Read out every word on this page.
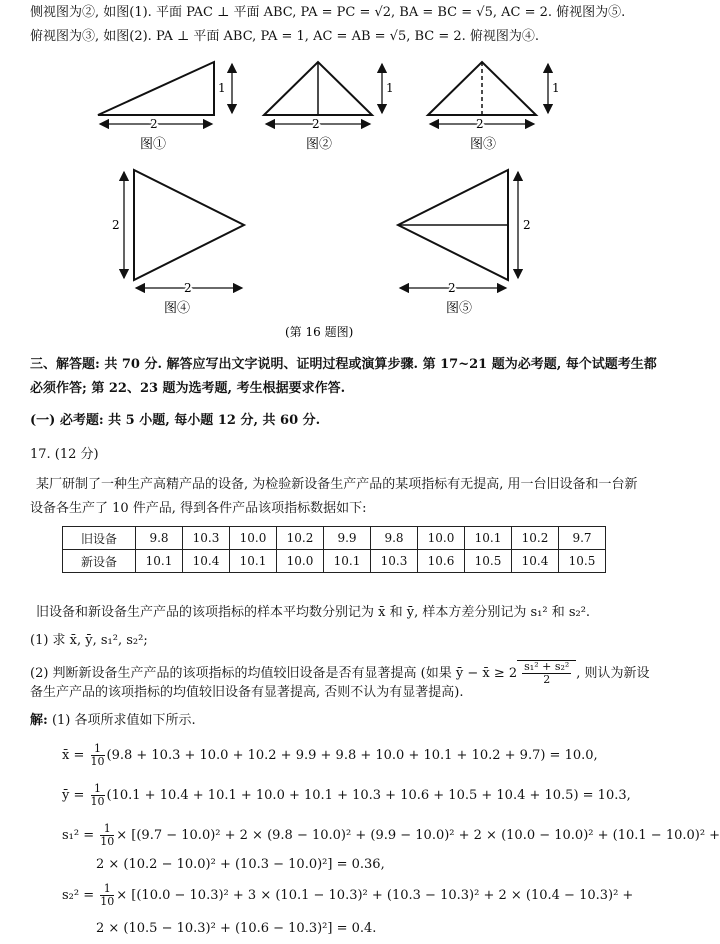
侧视图为②, 如图(1). 平面 PAC ⊥ 平面 ABC, PA = PC = √2, BA = BC = √5, AC = 2. 俯视图为⑤.
俯视图为③, 如图(2). PA ⊥ 平面 ABC, PA = 1, AC = AB = √5, BC = 2. 俯视图为④.
1
2
图①
1
2
图②
1
2
图③
2
2
图④
2
2
图⑤
(第 16 题图)
三、解答题: 共 70 分. 解答应写出文字说明、证明过程或演算步骤. 第 17~21 题为必考题, 每个试题考生都
必须作答; 第 22、23 题为选考题, 考生根据要求作答.
(一) 必考题: 共 5 小题, 每小题 12 分, 共 60 分.
17. (12 分)
某厂研制了一种生产高精产品的设备, 为检验新设备生产产品的某项指标有无提高, 用一台旧设备和一台新
设备各生产了 10 件产品, 得到各件产品该项指标数据如下:
旧设备	9.8	10.3	10.0	10.2	9.9	9.8	10.0	10.1	10.2	9.7
新设备	10.1	10.4	10.1	10.0	10.1	10.3	10.6	10.5	10.4	10.5
旧设备和新设备生产产品的该项指标的样本平均数分别记为 x̄ 和 ȳ, 样本方差分别记为 s₁² 和 s₂².
(1) 求 x̄, ȳ, s₁², s₂²;
(2) 判断新设备生产产品的该项指标的均值较旧设备是否有显著提高 (如果 ȳ − x̄ ≥ $2 \frac{\text{s₁² + s₂²}}{2}$ , 则认为新设
备生产产品的该项指标的均值较旧设备有显著提高, 否则不认为有显著提高).
解: (1) 各项所求值如下所示.
x̄ = $\frac{1}{10} (9.8 + 10.3 + 10.0 + 10.2 + 9.9 + 9.8 + 10.0 + 10.1 + 10.2 + 9.7) = 10.0$,
ȳ = $\frac{1}{10} (10.1 + 10.4 + 10.1 + 10.0 + 10.1 + 10.3 + 10.6 + 10.5 + 10.4 + 10.5) = 10.3$,
$s_1^2 = \frac{1}{10} \times [(9.7 - 10.0)^2 + 2 \times (9.8 - 10.0)^2 + (9.9 - 10.0)^2 + 2 \times (10.0 - 10.0)^2 + (10.1 - 10.0)^2$ +
2 × (10.2 − 10.0)² + (10.3 − 10.0)²] = 0.36,
$s_2^2 = \frac{1}{10} \times [(10.0 - 10.3)^2 + 3 \times (10.1 - 10.3)^2 + (10.3 - 10.3)^2 + 2 \times (10.4 - 10.3)^2$ +
2 × (10.5 − 10.3)² + (10.6 − 10.3)²] = 0.4.
